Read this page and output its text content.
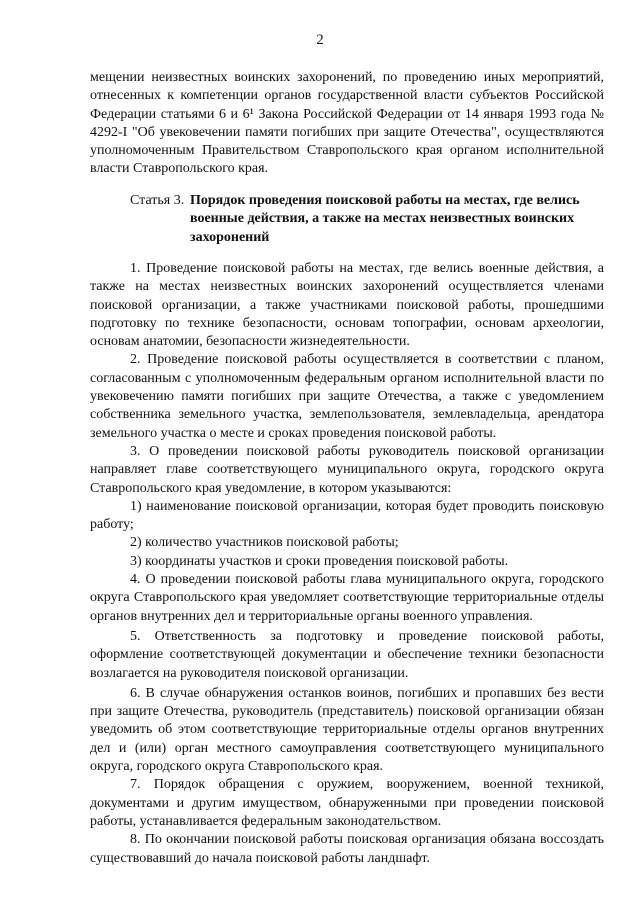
2

мещении неизвестных воинских захоронений, по проведению иных мероприятий, отнесенных к компетенции органов государственной власти субъектов Российской Федерации статьями 6 и 6¹ Закона Российской Федерации от 14 января 1993 года № 4292-I "Об увековечении памяти погибших при защите Отечества", осуществляются уполномоченным Правительством Ставропольского края органом исполнительной власти Ставропольского края.

Статья 3. Порядок проведения поисковой работы на местах, где велись военные действия, а также на местах неизвестных воинских захоронений

1. Проведение поисковой работы на местах, где велись военные действия, а также на местах неизвестных воинских захоронений осуществляется членами поисковой организации, а также участниками поисковой работы, прошедшими подготовку по технике безопасности, основам топографии, основам археологии, основам анатомии, безопасности жизнедеятельности.

2. Проведение поисковой работы осуществляется в соответствии с планом, согласованным с уполномоченным федеральным органом исполнительной власти по увековечению памяти погибших при защите Отечества, а также с уведомлением собственника земельного участка, землепользователя, землевладельца, арендатора земельного участка о месте и сроках проведения поисковой работы.

3. О проведении поисковой работы руководитель поисковой организации направляет главе соответствующего муниципального округа, городского округа Ставропольского края уведомление, в котором указываются:

1) наименование поисковой организации, которая будет проводить поисковую работу;

2) количество участников поисковой работы;

3) координаты участков и сроки проведения поисковой работы.

4. О проведении поисковой работы глава муниципального округа, городского округа Ставропольского края уведомляет соответствующие территориальные отделы органов внутренних дел и территориальные органы военного управления.

5. Ответственность за подготовку и проведение поисковой работы, оформление соответствующей документации и обеспечение техники безопасности возлагается на руководителя поисковой организации.

6. В случае обнаружения останков воинов, погибших и пропавших без вести при защите Отечества, руководитель (представитель) поисковой организации обязан уведомить об этом соответствующие территориальные отделы органов внутренних дел и (или) орган местного самоуправления соответствующего муниципального округа, городского округа Ставропольского края.

7. Порядок обращения с оружием, вооружением, военной техникой, документами и другим имуществом, обнаруженными при проведении поисковой работы, устанавливается федеральным законодательством.

8. По окончании поисковой работы поисковая организация обязана воссоздать существовавший до начала поисковой работы ландшафт.
